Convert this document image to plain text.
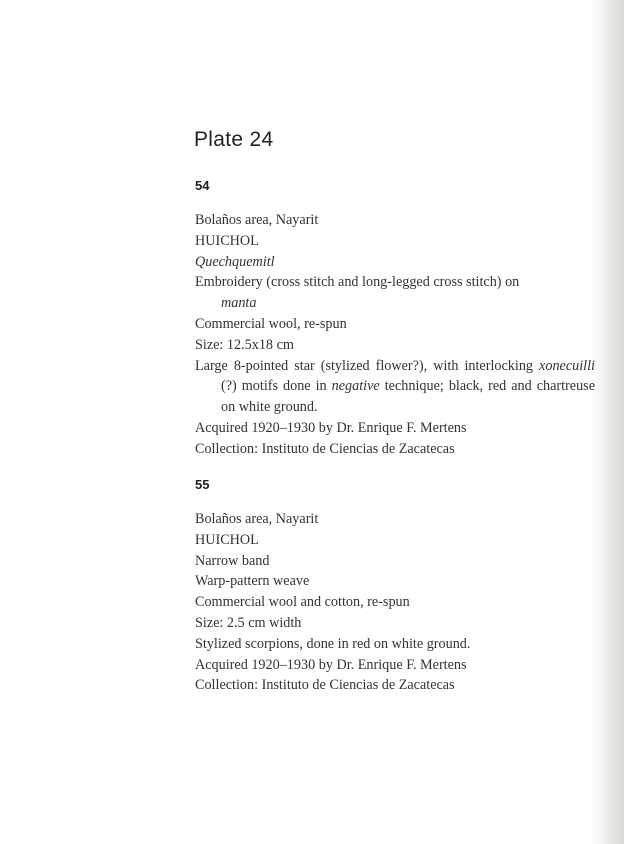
Plate 24
54

Bolaños area, Nayarit

HUICHOL

Quechquemitl

Embroidery (cross stitch and long-legged cross stitch) on
manta

Commercial wool, re-spun

Size: 12.5x18 cm

Large 8-pointed star (stylized flower?), with interlocking xonecuilli (?) motifs done in negative technique; black, red and chartreuse on white ground.

Acquired 1920–1930 by Dr. Enrique F. Mertens

Collection: Instituto de Ciencias de Zacatecas

55

Bolaños area, Nayarit

HUICHOL

Narrow band

Warp-pattern weave

Commercial wool and cotton, re-spun

Size: 2.5 cm width

Stylized scorpions, done in red on white ground.

Acquired 1920–1930 by Dr. Enrique F. Mertens

Collection: Instituto de Ciencias de Zacatecas
